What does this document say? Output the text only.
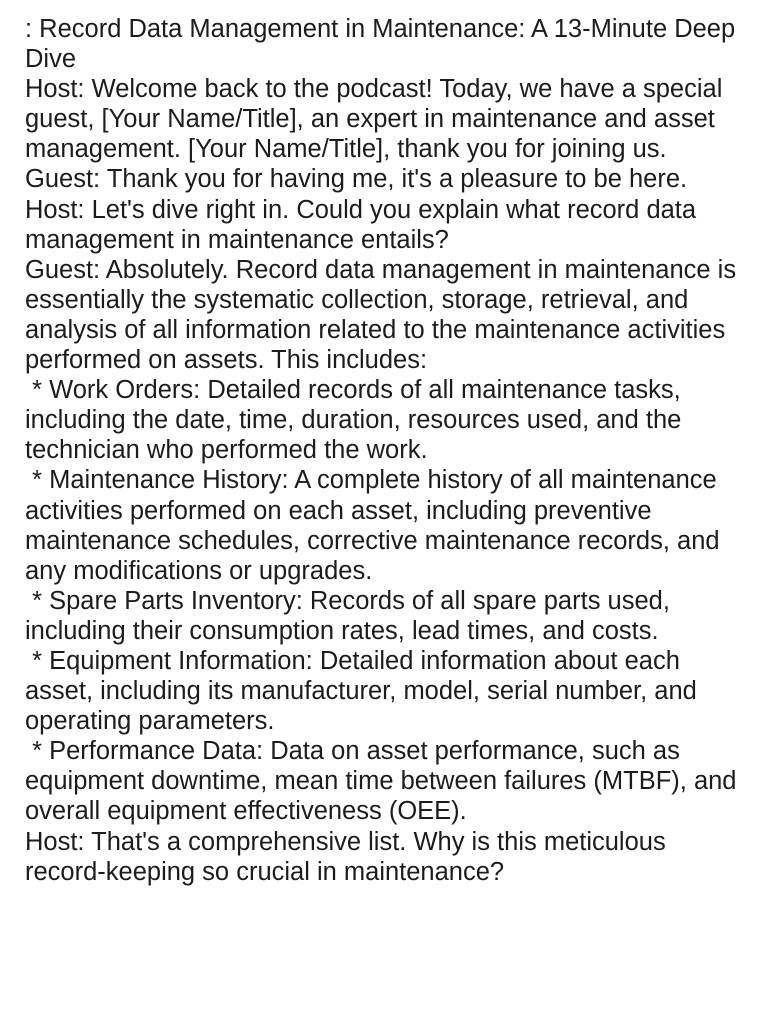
: Record Data Management in Maintenance: A 13-Minute Deep Dive

Host: Welcome back to the podcast! Today, we have a special guest, [Your Name/Title], an expert in maintenance and asset management. [Your Name/Title], thank you for joining us.

Guest: Thank you for having me, it's a pleasure to be here.

Host: Let's dive right in. Could you explain what record data management in maintenance entails?

Guest: Absolutely. Record data management in maintenance is essentially the systematic collection, storage, retrieval, and analysis of all information related to the maintenance activities performed on assets. This includes:

* Work Orders: Detailed records of all maintenance tasks, including the date, time, duration, resources used, and the technician who performed the work.

* Maintenance History: A complete history of all maintenance activities performed on each asset, including preventive maintenance schedules, corrective maintenance records, and any modifications or upgrades.

* Spare Parts Inventory: Records of all spare parts used, including their consumption rates, lead times, and costs.

* Equipment Information: Detailed information about each asset, including its manufacturer, model, serial number, and operating parameters.

* Performance Data: Data on asset performance, such as equipment downtime, mean time between failures (MTBF), and overall equipment effectiveness (OEE).

Host: That's a comprehensive list. Why is this meticulous record-keeping so crucial in maintenance?
